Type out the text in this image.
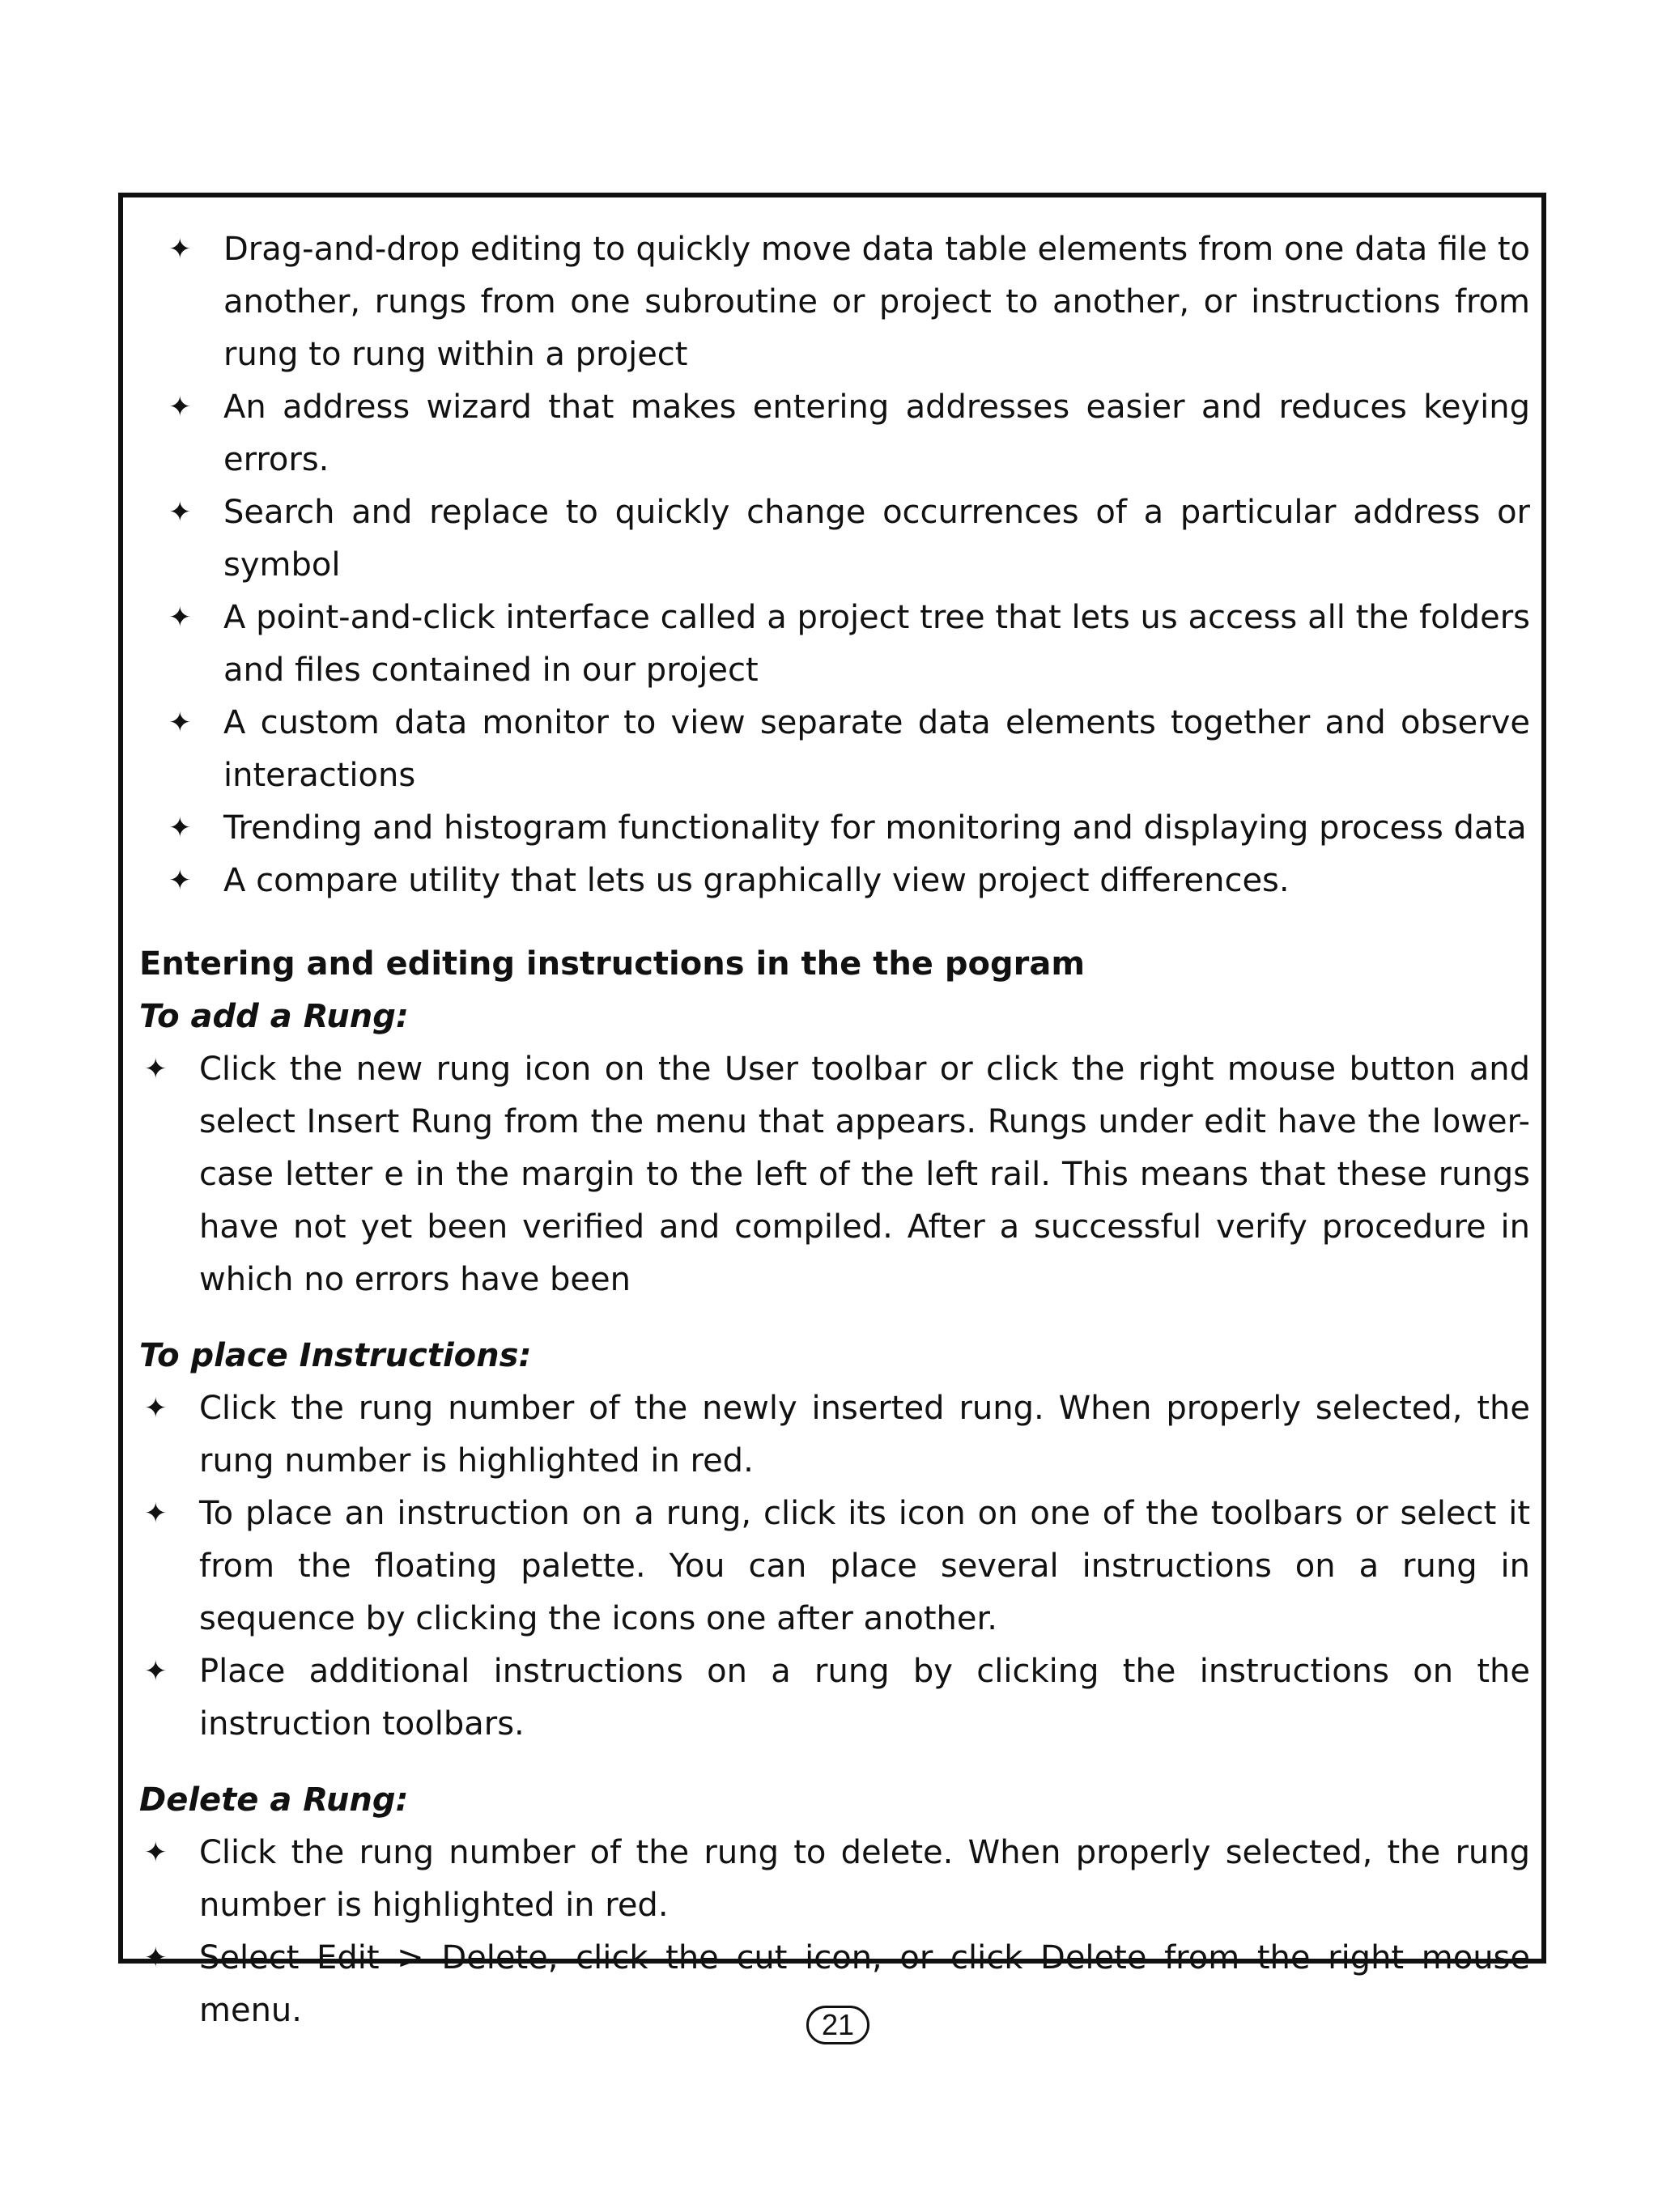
✦ Drag-and-drop editing to quickly move data table elements from one data file to another, rungs from one subroutine or project to another, or instructions from rung to rung within a project
✦ An address wizard that makes entering addresses easier and reduces keying errors.
✦ Search and replace to quickly change occurrences of a particular address or symbol
✦ A point-and-click interface called a project tree that lets us access all the folders and files contained in our project
✦ A custom data monitor to view separate data elements together and observe interactions
✦ Trending and histogram functionality for monitoring and displaying process data
✦ A compare utility that lets us graphically view project differences.

Entering and editing instructions in the the pogram

To add a Rung:

✦ Click the new rung icon on the User toolbar or click the right mouse button and select Insert Rung from the menu that appears. Rungs under edit have the lower-case letter e in the margin to the left of the left rail. This means that these rungs have not yet been verified and compiled. After a successful verify procedure in which no errors have been

To place Instructions:

✦ Click the rung number of the newly inserted rung. When properly selected, the rung number is highlighted in red.
✦ To place an instruction on a rung, click its icon on one of the toolbars or select it from the floating palette. You can place several instructions on a rung in sequence by clicking the icons one after another.
✦ Place additional instructions on a rung by clicking the instructions on the instruction toolbars.

Delete a Rung:

✦ Click the rung number of the rung to delete. When properly selected, the rung number is highlighted in red.
✦ Select Edit > Delete, click the cut icon, or click Delete from the right mouse menu.	21
